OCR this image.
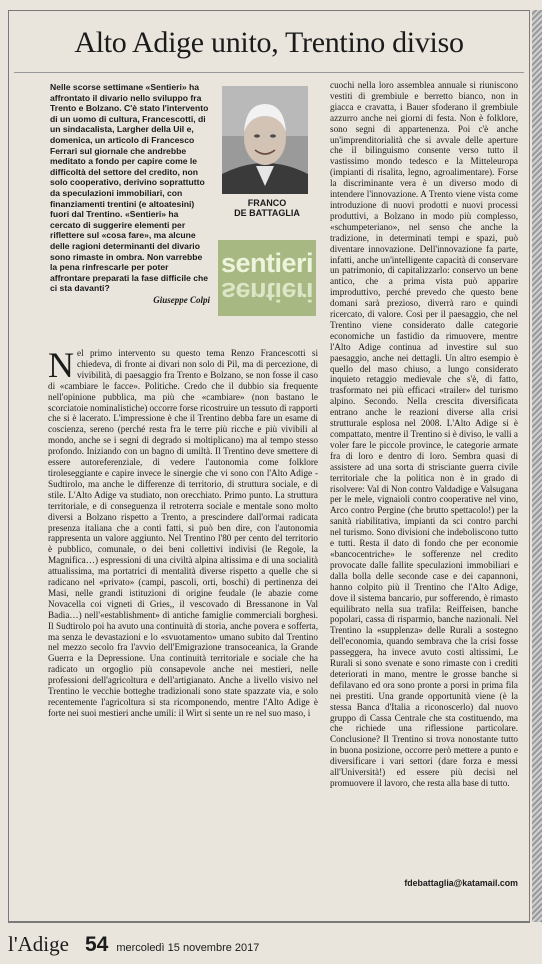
Alto Adige unito, Trentino diviso

Nelle scorse settimane «Sentieri» ha affrontato il divario nello sviluppo fra Trento e Bolzano. C'è stato l'intervento di un uomo di cultura, Francescotti, di un sindacalista, Largher della Uil e, domenica, un articolo di Francesco Ferrari sul giornale che andrebbe meditato a fondo per capire come le difficoltà del settore del credito, non solo cooperativo, derivino soprattutto da speculazioni immobiliari, con finanziamenti trentini (e altoatesini) fuori dal Trentino. «Sentieri» ha cercato di suggerire elementi per riflettere sul «cosa fare», ma alcune delle ragioni determinanti del divario sono rimaste in ombra. Non varrebbe la pena rinfrescarle per poter affrontare preparati la fase difficile che ci sta davanti?

Giuseppe Colpi
FRANCO
DE BATTAGLIA
sentieri
sentieri
N el primo intervento su questo tema Renzo Francescotti si chiedeva, di fronte ai divari non solo di Pil, ma di percezione, di vivibilità, di paesaggio fra Trento e Bolzano, se non fosse il caso di «cambiare le facce». Politiche. Credo che il dubbio sia frequente nell'opinione pubblica, ma più che «cambiare» (non bastano le scorciatoie nominalistiche) occorre forse ricostruire un tessuto di rapporti che si è lacerato. L'impressione è che il Trentino debba fare un esame di coscienza, sereno (perché resta fra le terre più ricche e più vivibili al mondo, anche se i segni di degrado si moltiplicano) ma al tempo stesso profondo. Iniziando con un bagno di umiltà. Il Trentino deve smettere di essere autoreferenziale, di vedere l'autonomia come folklore tiroleseggiante e capire invece le sinergie che vi sono con l'Alto Adige - Sudtirolo, ma anche le differenze di territorio, di struttura sociale, e di stile. L'Alto Adige va studiato, non orecchiato. Primo punto. La struttura territoriale, e di conseguenza il retroterra sociale e mentale sono molto diversi a Bolzano rispetto a Trento, a prescindere dall'ormai radicata presenza italiana che a conti fatti, si può ben dire, con l'autonomia rappresenta un valore aggiunto. Nel Trentino l'80 per cento del territorio è pubblico, comunale, o dei beni collettivi indivisi (le Regole, la Magnifica…) espressioni di una civiltà alpina altissima e di una socialità attualissima, ma portatrici di mentalità diverse rispetto a quelle che si radicano nel «privato» (campi, pascoli, orti, boschi) di pertinenza dei Masi, nelle grandi istituzioni di origine feudale (le abazie come Novacella coi vigneti di Gries,, il vescovado di Bressanone in Val Badia…) nell'«establishment» di antiche famiglie commerciali borghesi. Il Sudtirolo poi ha avuto una continuità di storia, anche povera e sofferta, ma senza le devastazioni e lo «svuotamento» umano subito dal Trentino nel mezzo secolo fra l'avvio dell'Emigrazione transoceanica, la Grande Guerra e la Depressione. Una continuità territoriale e sociale che ha radicato un orgoglio più consapevole anche nei mestieri, nelle professioni dell'agricoltura e dell'artigianato. Anche a livello visivo nel Trentino le vecchie botteghe tradizionali sono state spazzate via, e solo recentemente l'agricoltura si sta ricomponendo, mentre l'Alto Adige è forte nei suoi mestieri anche umili: il Wirt si sente un re nel suo maso, i

cuochi nella loro assemblea annuale si riuniscono vestiti di grembiule e berretto bianco, non in giacca e cravatta, i Bauer sfoderano il grembiule azzurro anche nei giorni di festa. Non è folklore, sono segni di appartenenza. Poi c'è anche un'imprenditorialità che si avvale delle aperture che il bilinguismo consente verso tutto il vastissimo mondo tedesco e la Mitteleuropa (impianti di risalita, legno, agroalimentare). Forse la discriminante vera è un diverso modo di intendere l'innovazione. A Trento viene vista come introduzione di nuovi prodotti e nuovi processi produttivi, a Bolzano in modo più complesso, «schumpeteriano», nel senso che anche la tradizione, in determinati tempi e spazi, può diventare innovazione. Dell'innovazione fa parte, infatti, anche un'intelligente capacità di conservare un patrimonio, di capitalizzarlo: conservo un bene antico, che a prima vista può apparire improduttivo, perché prevedo che questo bene domani sarà prezioso, diverrà raro e quindi ricercato, di valore. Così per il paesaggio, che nel Trentino viene considerato dalle categorie economiche un fastidio da rimuovere, mentre l'Alto Adige continua ad investire sul suo paesaggio, anche nei dettagli. Un altro esempio è quello del maso chiuso, a lungo considerato inquieto retaggio medievale che s'è, di fatto, trasformato nei più efficaci «trailer» del turismo alpino. Secondo. Nella crescita diversificata entrano anche le reazioni diverse alla crisi strutturale esplosa nel 2008. L'Alto Adige si è compattato, mentre il Trentino si è diviso, le valli a voler fare le piccole province, le categorie armate fra di loro e dentro di loro. Sembra quasi di assistere ad una sorta di strisciante guerra civile territoriale che la politica non è in grado di risolvere: Val di Non contro Valdadige e Valsugana per le mele, vignaioli contro cooperative nel vino, Arco contro Pergine (che brutto spettacolo!) per la sanità riabilitativa, impianti da sci contro parchi nel turismo. Sono divisioni che indeboliscono tutto e tutti. Resta il dato di fondo che per economie «bancocentriche» le sofferenze nel credito provocate dalle fallite speculazioni immobiliari e dalla bolla delle seconde case e dei capannoni, hanno colpito più il Trentino che l'Alto Adige, dove il sistema bancario, pur sofferendo, è rimasto equilibrato nella sua trafila: Reiffeisen, banche popolari, cassa di risparmio, banche nazionali. Nel Trentino la «supplenza» delle Rurali a sostegno dell'economia, quando sembrava che la crisi fosse passeggera, ha invece avuto costi altissimi, Le Rurali si sono svenate e sono rimaste con i crediti deteriorati in mano, mentre le grosse banche si defilavano ed ora sono pronte a porsi in prima fila nei prestiti. Una grande opportunità viene (è la stessa Banca d'Italia a riconoscerlo) dal nuovo gruppo di Cassa Centrale che sta costituendo, ma che richiede una riflessione particolare. Conclusione? Il Trentino si trova nonostante tutto in buona posizione, occorre però mettere a punto e diversificare i vari settori (dare forza e messi all'Università!) ed essere più decisi nel promuovere il lavoro, che resta alla base di tutto.

fdebattaglia@katamail.com
l'Adige 54 mercoledì 15 novembre 2017
